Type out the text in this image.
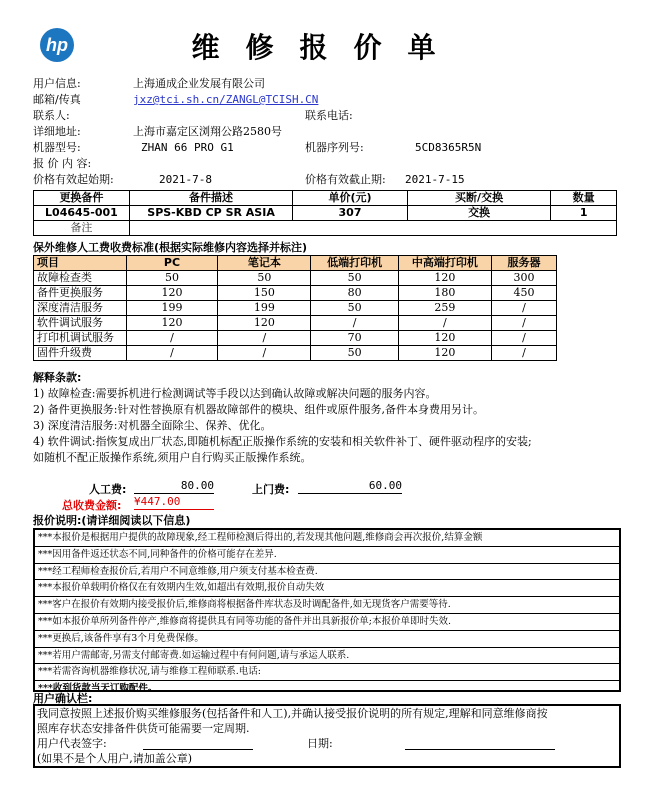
hp	维修报价单
用户信息:	上海通成企业发展有限公司
邮箱/传真	jxz@tci.sh.cn/ZANGL@TCISH.CN
联系人:	联系电话:
详细地址:	上海市嘉定区浏翔公路2580号
机器型号:	ZHAN 66 PRO G1	机器序列号:	5CD8365R5N
报 价 内 容:
价格有效起始期:	2021-7-8	价格有效截止期: 2021-7-15
更换备件	备件描述	单价(元)	买断/交换	数量
L04645-001	SPS-KBD CP SR ASIA	307	交换	1
备注				
保外维修人工费收费标准(根据实际维修内容选择并标注)
项目	PC	笔记本	低端打印机	中高端打印机	服务器
故障检查类	50	50	50	120	300
备件更换服务	120	150	80	180	450
深度清洁服务	199	199	50	259	/
软件调试服务	120	120	/	/	/
打印机调试服务	/	/	70	120	/
固件升级费	/	/	50	120	/
解释条款:
1) 故障检查:需要拆机进行检测调试等手段以达到确认故障或解决问题的服务内容。
2) 备件更换服务:针对性替换原有机器故障部件的模块、组件或原件服务,备件本身费用另计。
3) 深度清洁服务:对机器全面除尘、保养、优化。
4) 软件调试:指恢复成出厂状态,即随机标配正版操作系统的安装和相关软件补丁、硬件驱动程序的安装;
如随机不配正版操作系统,须用户自行购买正版操作系统。
人工费:	80.00	上门费:	60.00
总收费金额: ¥447.00
报价说明:(请详细阅读以下信息)
***本报价是根据用户提供的故障现象,经工程师检测后得出的,若发现其他问题,维修商会再次报价,结算金额
***因用备件返还状态不同,同种备件的价格可能存在差异.
***经工程师检查报价后,若用户不同意维修,用户须支付基本检查费.
***本报价单载明价格仅在有效期内生效,如超出有效期,报价自动失效
***客户在报价有效期内接受报价后,维修商将根据备件库状态及时调配备件,如无现货客户需要等待.
***如本报价单所列备件停产,维修商将提供具有同等功能的备件并出具新报价单;本报价单即时失效.
***更换后,该备件享有3个月免费保修。
***若用户需邮寄,另需支付邮寄费.如运输过程中有何问题,请与承运人联系.
***若需咨询机器维修状况,请与维修工程师联系.电话:
***收到货款当天订购配件。
用户确认栏:
我同意按照上述报价购买维修服务(包括备件和人工),并确认接受报价说明的所有规定,理解和同意维修商按
照库存状态安排备件供货可能需要一定周期.
用户代表签字:	日期:
(如果不是个人用户,请加盖公章)
